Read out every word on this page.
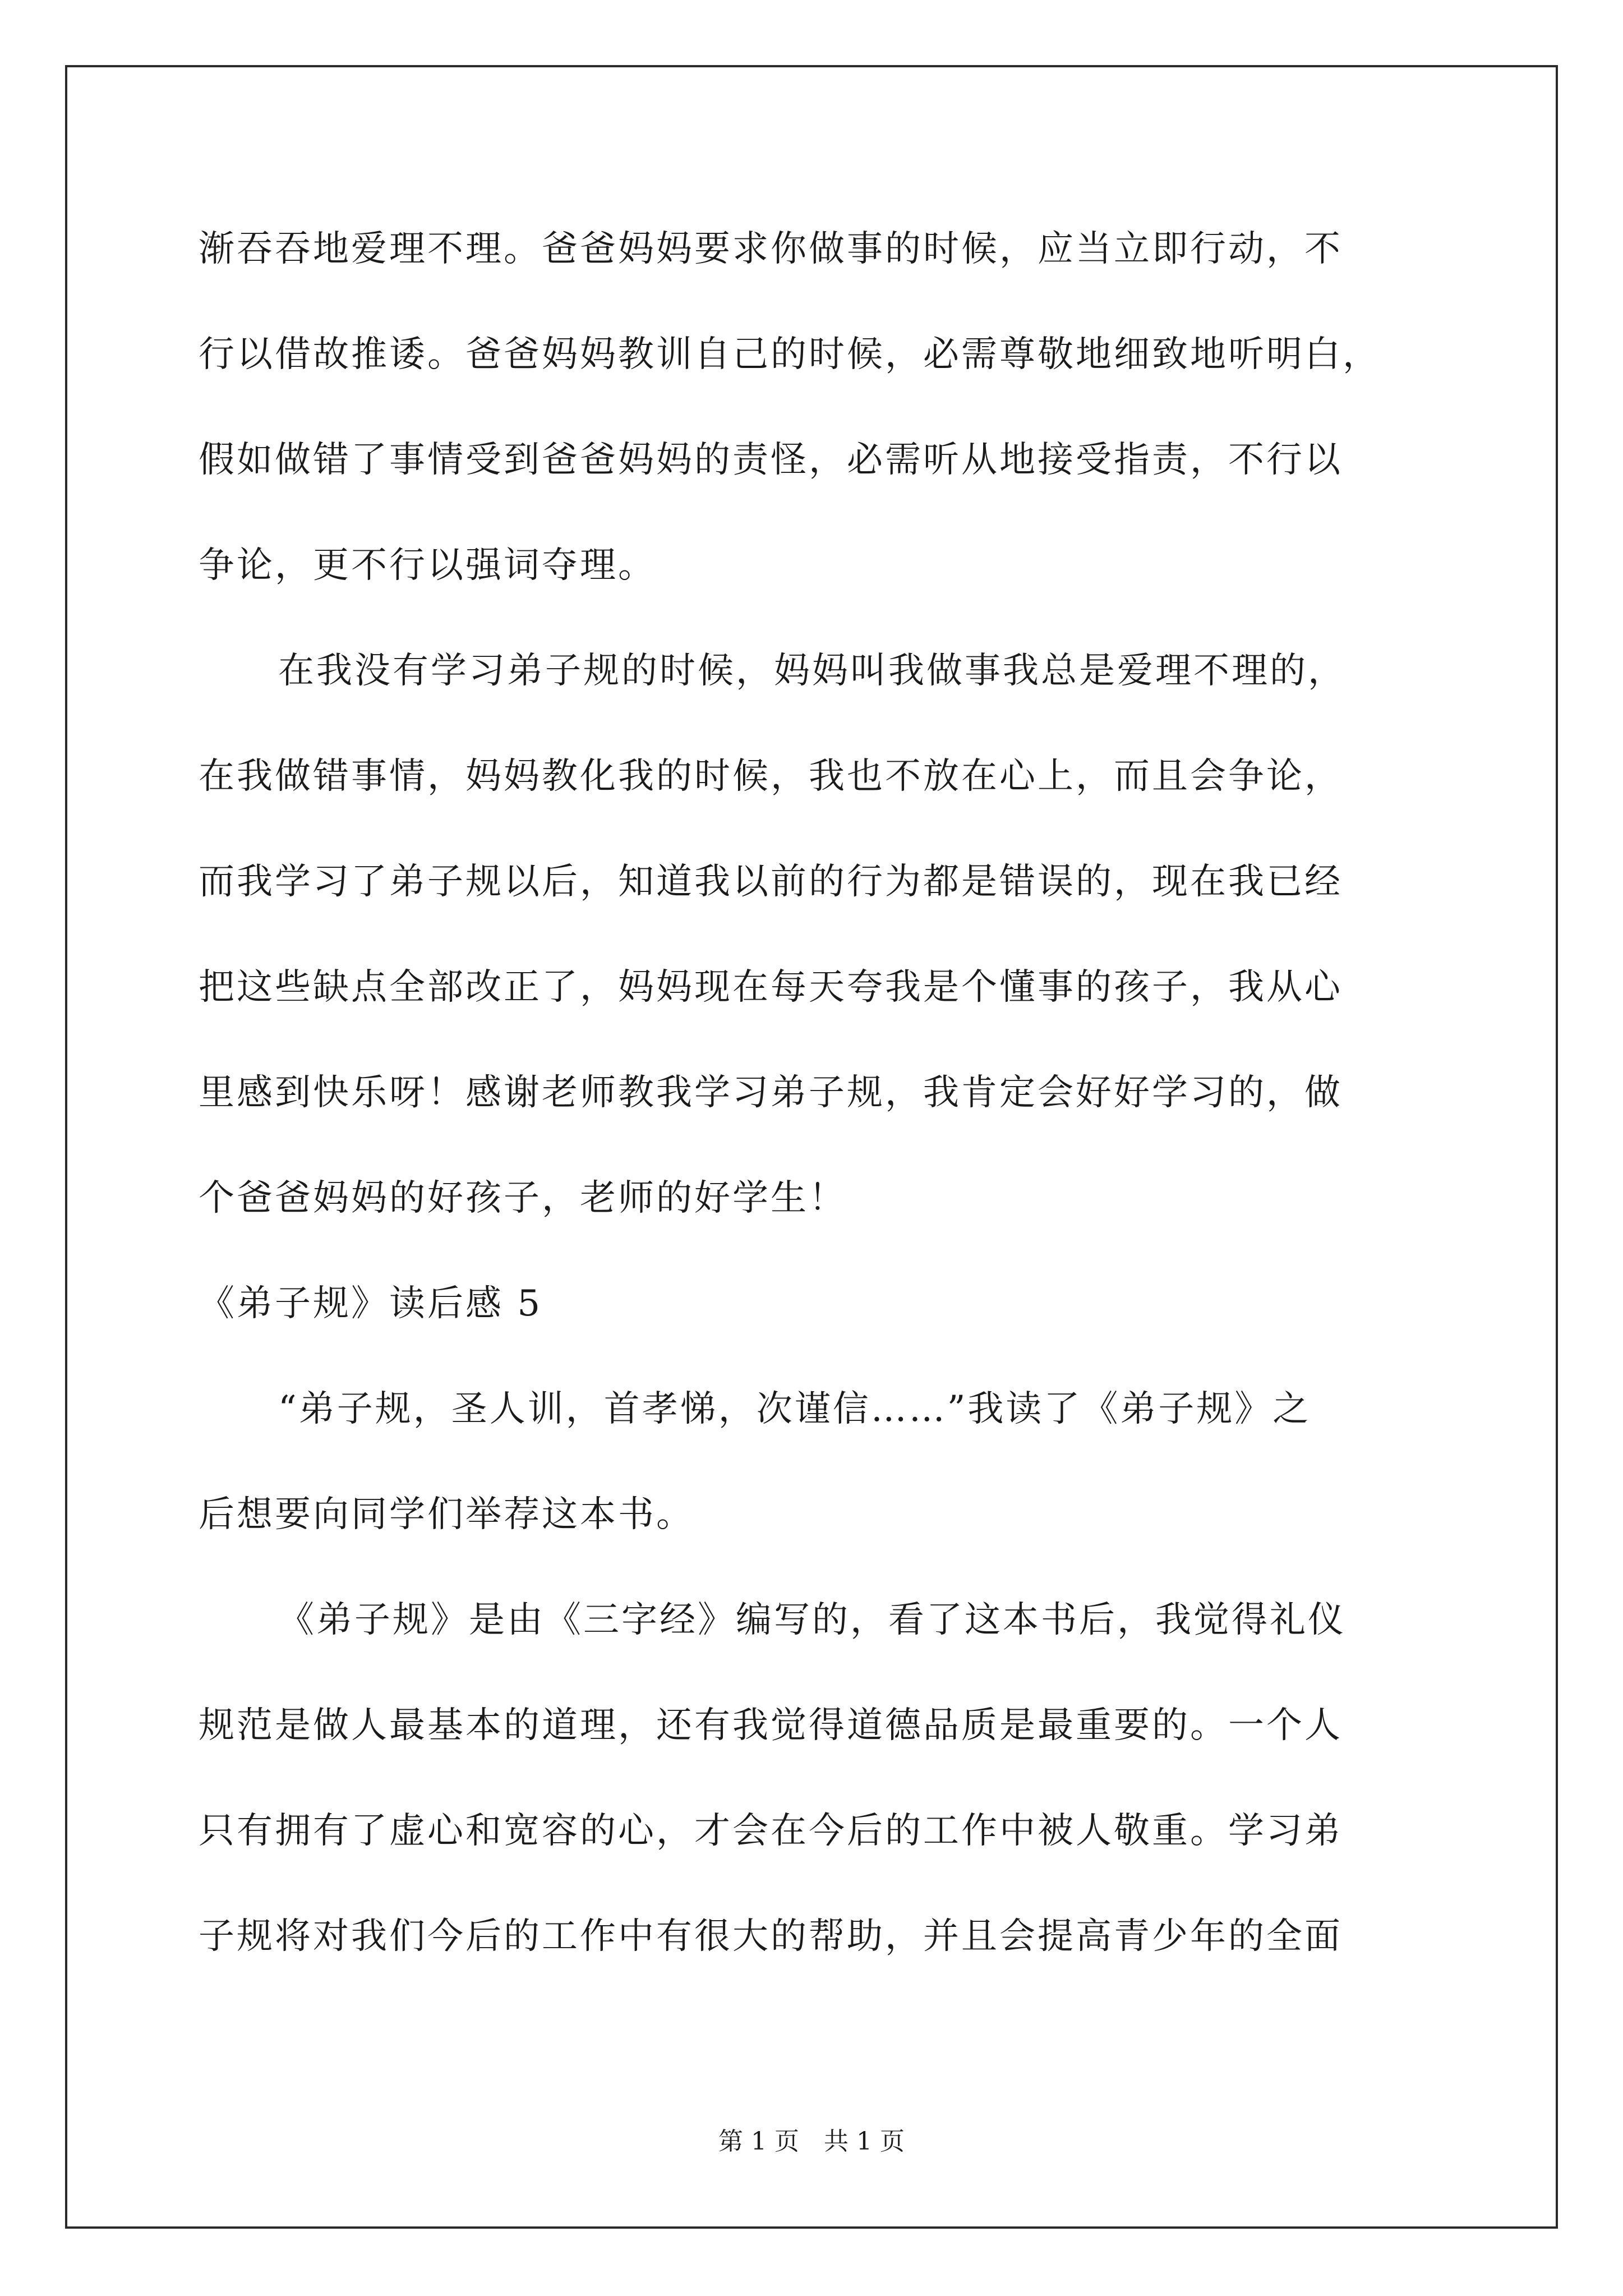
渐吞吞地爱理不理。爸爸妈妈要求你做事的时候，应当立即行动，不
行以借故推诿。爸爸妈妈教训自己的时候，必需尊敬地细致地听明白，
假如做错了事情受到爸爸妈妈的责怪，必需听从地接受指责，不行以
争论，更不行以强词夺理。
在我没有学习弟子规的时候，妈妈叫我做事我总是爱理不理的，
在我做错事情，妈妈教化我的时候，我也不放在心上，而且会争论，
而我学习了弟子规以后，知道我以前的行为都是错误的，现在我已经
把这些缺点全部改正了，妈妈现在每天夸我是个懂事的孩子，我从心
里感到快乐呀！感谢老师教我学习弟子规，我肯定会好好学习的，做
个爸爸妈妈的好孩子，老师的好学生！
《弟子规》读后感 5
“弟子规，圣人训，首孝悌，次谨信……”我读了《弟子规》之
后想要向同学们举荐这本书。
《弟子规》是由《三字经》编写的，看了这本书后，我觉得礼仪
规范是做人最基本的道理，还有我觉得道德品质是最重要的。一个人
只有拥有了虚心和宽容的心，才会在今后的工作中被人敬重。学习弟
子规将对我们今后的工作中有很大的帮助，并且会提高青少年的全面
第 1 页　共 1 页
